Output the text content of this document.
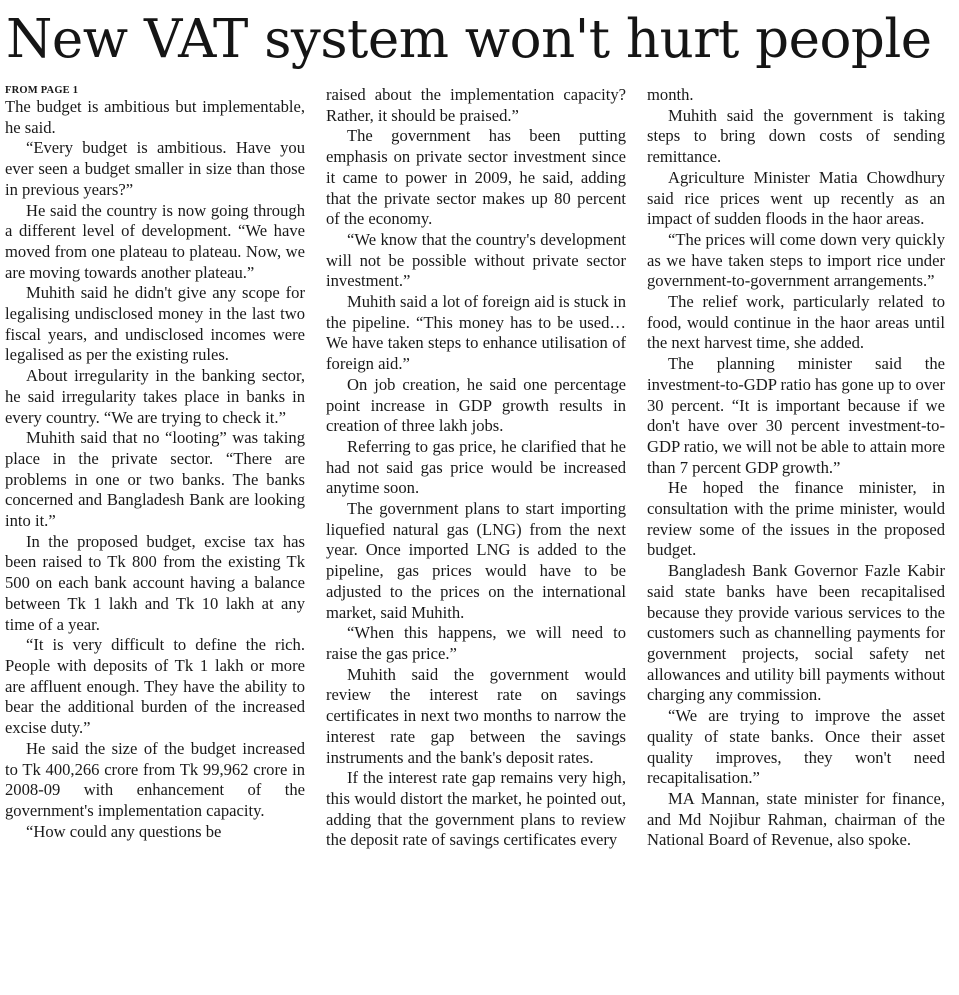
New VAT system won't hurt people
FROM PAGE 1

The budget is ambitious but implementable, he said.

“Every budget is ambitious. Have you ever seen a budget smaller in size than those in previous years?”

He said the country is now going through a different level of development. “We have moved from one plateau to plateau. Now, we are moving towards another plateau.”

Muhith said he didn't give any scope for legalising undisclosed money in the last two fiscal years, and undisclosed incomes were legalised as per the existing rules.

About irregularity in the banking sector, he said irregularity takes place in banks in every country. “We are trying to check it.”

Muhith said that no “looting” was taking place in the private sector. “There are problems in one or two banks. The banks concerned and Bangladesh Bank are looking into it.”

In the proposed budget, excise tax has been raised to Tk 800 from the existing Tk 500 on each bank account having a balance between Tk 1 lakh and Tk 10 lakh at any time of a year.

“It is very difficult to define the rich. People with deposits of Tk 1 lakh or more are affluent enough. They have the ability to bear the additional burden of the increased excise duty.”

He said the size of the budget increased to Tk 400,266 crore from Tk 99,962 crore in 2008-09 with enhancement of the government's implementation capacity.

“How could any questions be

raised about the implementation capacity? Rather, it should be praised.”

The government has been putting emphasis on private sector investment since it came to power in 2009, he said, adding that the private sector makes up 80 percent of the economy.

“We know that the country's development will not be possible without private sector investment.”

Muhith said a lot of foreign aid is stuck in the pipeline. “This money has to be used… We have taken steps to enhance utilisation of foreign aid.”

On job creation, he said one percentage point increase in GDP growth results in creation of three lakh jobs.

Referring to gas price, he clarified that he had not said gas price would be increased anytime soon.

The government plans to start importing liquefied natural gas (LNG) from the next year. Once imported LNG is added to the pipeline, gas prices would have to be adjusted to the prices on the international market, said Muhith.

“When this happens, we will need to raise the gas price.”

Muhith said the government would review the interest rate on savings certificates in next two months to narrow the interest rate gap between the savings instruments and the bank's deposit rates.

If the interest rate gap remains very high, this would distort the market, he pointed out, adding that the government plans to review the deposit rate of savings certificates every

month.

Muhith said the government is taking steps to bring down costs of sending remittance.

Agriculture Minister Matia Chowdhury said rice prices went up recently as an impact of sudden floods in the haor areas.

“The prices will come down very quickly as we have taken steps to import rice under government-to-government arrangements.”

The relief work, particularly related to food, would continue in the haor areas until the next harvest time, she added.

The planning minister said the investment-to-GDP ratio has gone up to over 30 percent. “It is important because if we don't have over 30 percent investment-to-GDP ratio, we will not be able to attain more than 7 percent GDP growth.”

He hoped the finance minister, in consultation with the prime minister, would review some of the issues in the proposed budget.

Bangladesh Bank Governor Fazle Kabir said state banks have been recapitalised because they provide various services to the customers such as channelling payments for government projects, social safety net allowances and utility bill payments without charging any commission.

“We are trying to improve the asset quality of state banks. Once their asset quality improves, they won't need recapitalisation.”

MA Mannan, state minister for finance, and Md Nojibur Rahman, chairman of the National Board of Revenue, also spoke.
